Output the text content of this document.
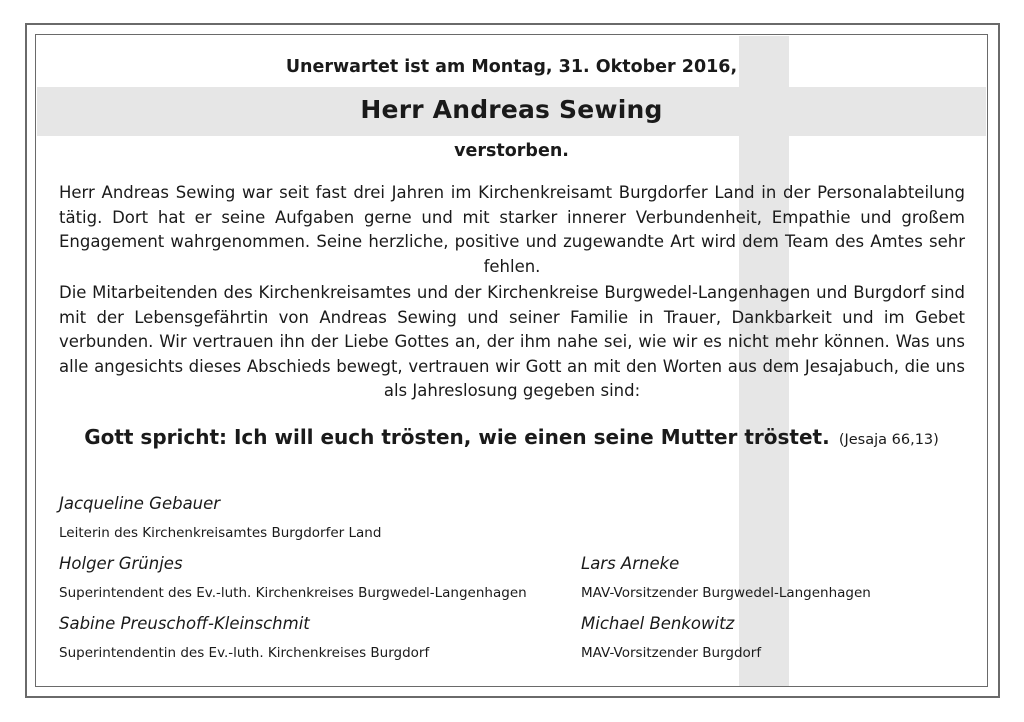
Unerwartet ist am Montag, 31. Oktober 2016,
Herr Andreas Sewing
verstorben.
Herr Andreas Sewing war seit fast drei Jahren im Kirchenkreisamt Burgdorfer Land in der Personalabteilung tätig. Dort hat er seine Aufgaben gerne und mit starker innerer Verbundenheit, Empathie und großem Engagement wahrgenommen. Seine herzliche, positive und zugewandte Art wird dem Team des Amtes sehr fehlen.
Die Mitarbeitenden des Kirchenkreisamtes und der Kirchenkreise Burgwedel-Langenhagen und Burgdorf sind mit der Lebensgefährtin von Andreas Sewing und seiner Familie in Trauer, Dankbarkeit und im Gebet verbunden. Wir vertrauen ihn der Liebe Gottes an, der ihm nahe sei, wie wir es nicht mehr können. Was uns alle angesichts dieses Abschieds bewegt, vertrauen wir Gott an mit den Worten aus dem Jesajabuch, die uns als Jahreslosung gegeben sind:
Gott spricht: Ich will euch trösten, wie einen seine Mutter tröstet. (Jesaja 66,13)
Jacqueline Gebauer
Leiterin des Kirchenkreisamtes Burgdorfer Land
Holger Grünjes
Superintendent des Ev.-luth. Kirchenkreises Burgwedel-Langenhagen
Lars Arneke
MAV-Vorsitzender Burgwedel-Langenhagen
Sabine Preuschoff-Kleinschmit
Superintendentin des Ev.-luth. Kirchenkreises Burgdorf
Michael Benkowitz
MAV-Vorsitzender Burgdorf
